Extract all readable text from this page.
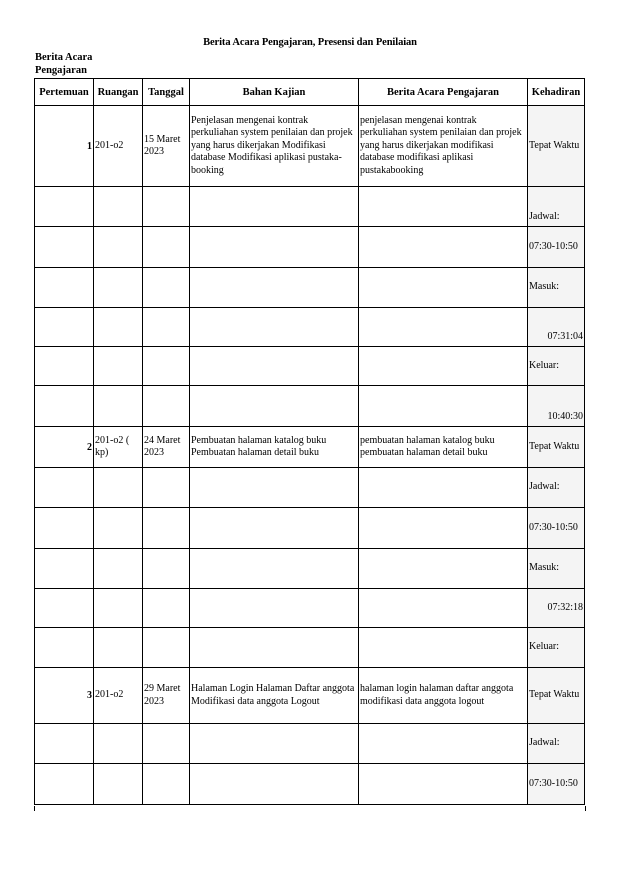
Berita Acara Pengajaran, Presensi dan Penilaian
Berita Acara Pengajaran
Pertemuan	Ruangan	Tanggal	Bahan Kajian	Berita Acara Pengajaran	Kehadiran
1	201-o2	15 Maret 2023	Penjelasan mengenai kontrak perkuliahan system penilaian dan projek yang harus dikerjakan Modifikasi database Modifikasi aplikasi pustaka-booking	penjelasan mengenai kontrak perkuliahan system penilaian dan projek yang harus dikerjakan modifikasi database modifikasi aplikasi pustakabooking	Tepat Waktu
					Jadwal:
					07:30-10:50
					Masuk:
					07:31:04
					Keluar:
					10:40:30
2	201-o2 ( kp)	24 Maret 2023	Pembuatan halaman katalog buku Pembuatan halaman detail buku	pembuatan halaman katalog buku pembuatan halaman detail buku	Tepat Waktu
					Jadwal:
					07:30-10:50
					Masuk:
					07:32:18
					Keluar:
3	201-o2	29 Maret 2023	Halaman Login Halaman Daftar anggota Modifikasi data anggota Logout	halaman login halaman daftar anggota modifikasi data anggota logout	Tepat Waktu
					Jadwal:
					07:30-10:50
